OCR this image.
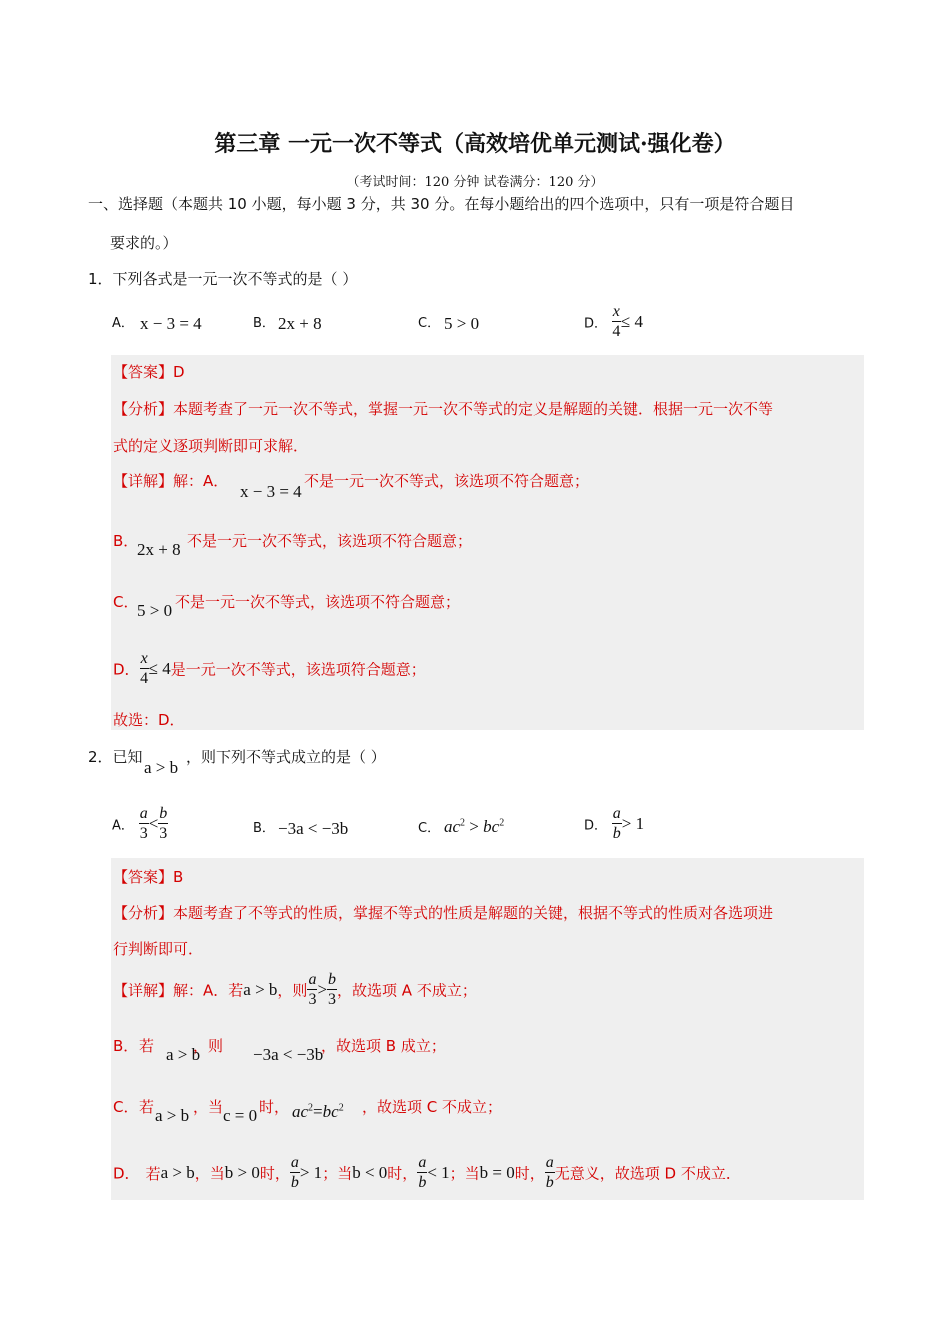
第三章 一元一次不等式（高效培优单元测试·强化卷）
（考试时间：120 分钟 试卷满分：120 分）
一、选择题（本题共 10 小题，每小题 3 分，共 30 分。在每小题给出的四个选项中，只有一项是符合题目
要求的。）
1．下列各式是一元一次不等式的是（ ）
A． x − 3 = 4	B． 2x + 8	C． 5 > 0	D． $\frac{x}{4} \le 4$
【答案】D
【分析】本题考查了一元一次不等式，掌握一元一次不等式的定义是解题的关键．根据一元一次不等
式的定义逐项判断即可求解．
【详解】解：A．
x − 3 = 4
不是一元一次不等式，该选项不符合题意；
B．
2x + 8 不是一元一次不等式，该选项不符合题意；
C．
5 > 0 不是一元一次不等式，该选项不符合题意；
D． $\frac{x}{4} \le 4$是一元一次不等式，该选项符合题意；
故选：D．
2．已知
a > b
，则下列不等式成立的是（ ）
A． $\frac{a}{3} < \frac{b}{3}$	B． −3a < −3b	C． $ac^2 > bc^2$	D． $\frac{a}{b} > 1$
【答案】B
【分析】本题考查了不等式的性质，掌握不等式的性质是解题的关键，根据不等式的性质对各选项进
行判断即可．
【详解】解：A．若a > b，则 $\frac{a}{3} > \frac{b}{3}$ ，故选项 A 不成立；
B． 若 a > b
，则 −3a < −3b
，故选项 B 成立；
C． 若 a > b ，当 c = 0 时， $ac^2=bc^2$ ，故选项 C 不成立；
D． 若a > b，当b > 0时， $\frac{a}{b} > 1$；当b < 0时， $\frac{a}{b} < 1$；当b = 0时， $\frac{a}{b}$ 无意义，故选项 D 不成立．
